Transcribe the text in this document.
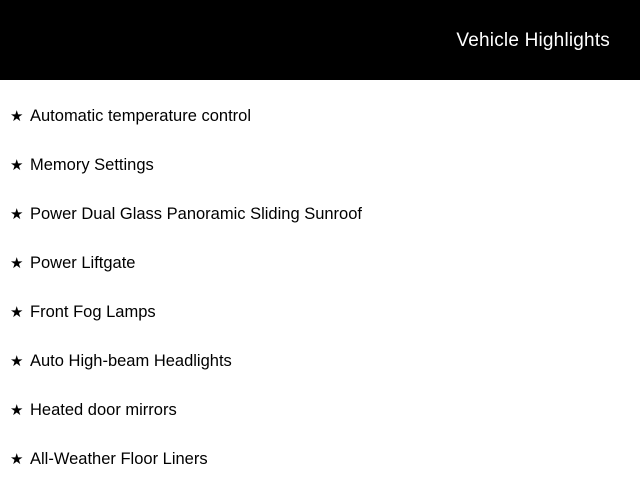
Vehicle Highlights
★ Automatic temperature control
★ Memory Settings
★ Power Dual Glass Panoramic Sliding Sunroof
★ Power Liftgate
★ Front Fog Lamps
★ Auto High-beam Headlights
★ Heated door mirrors
★ All-Weather Floor Liners
